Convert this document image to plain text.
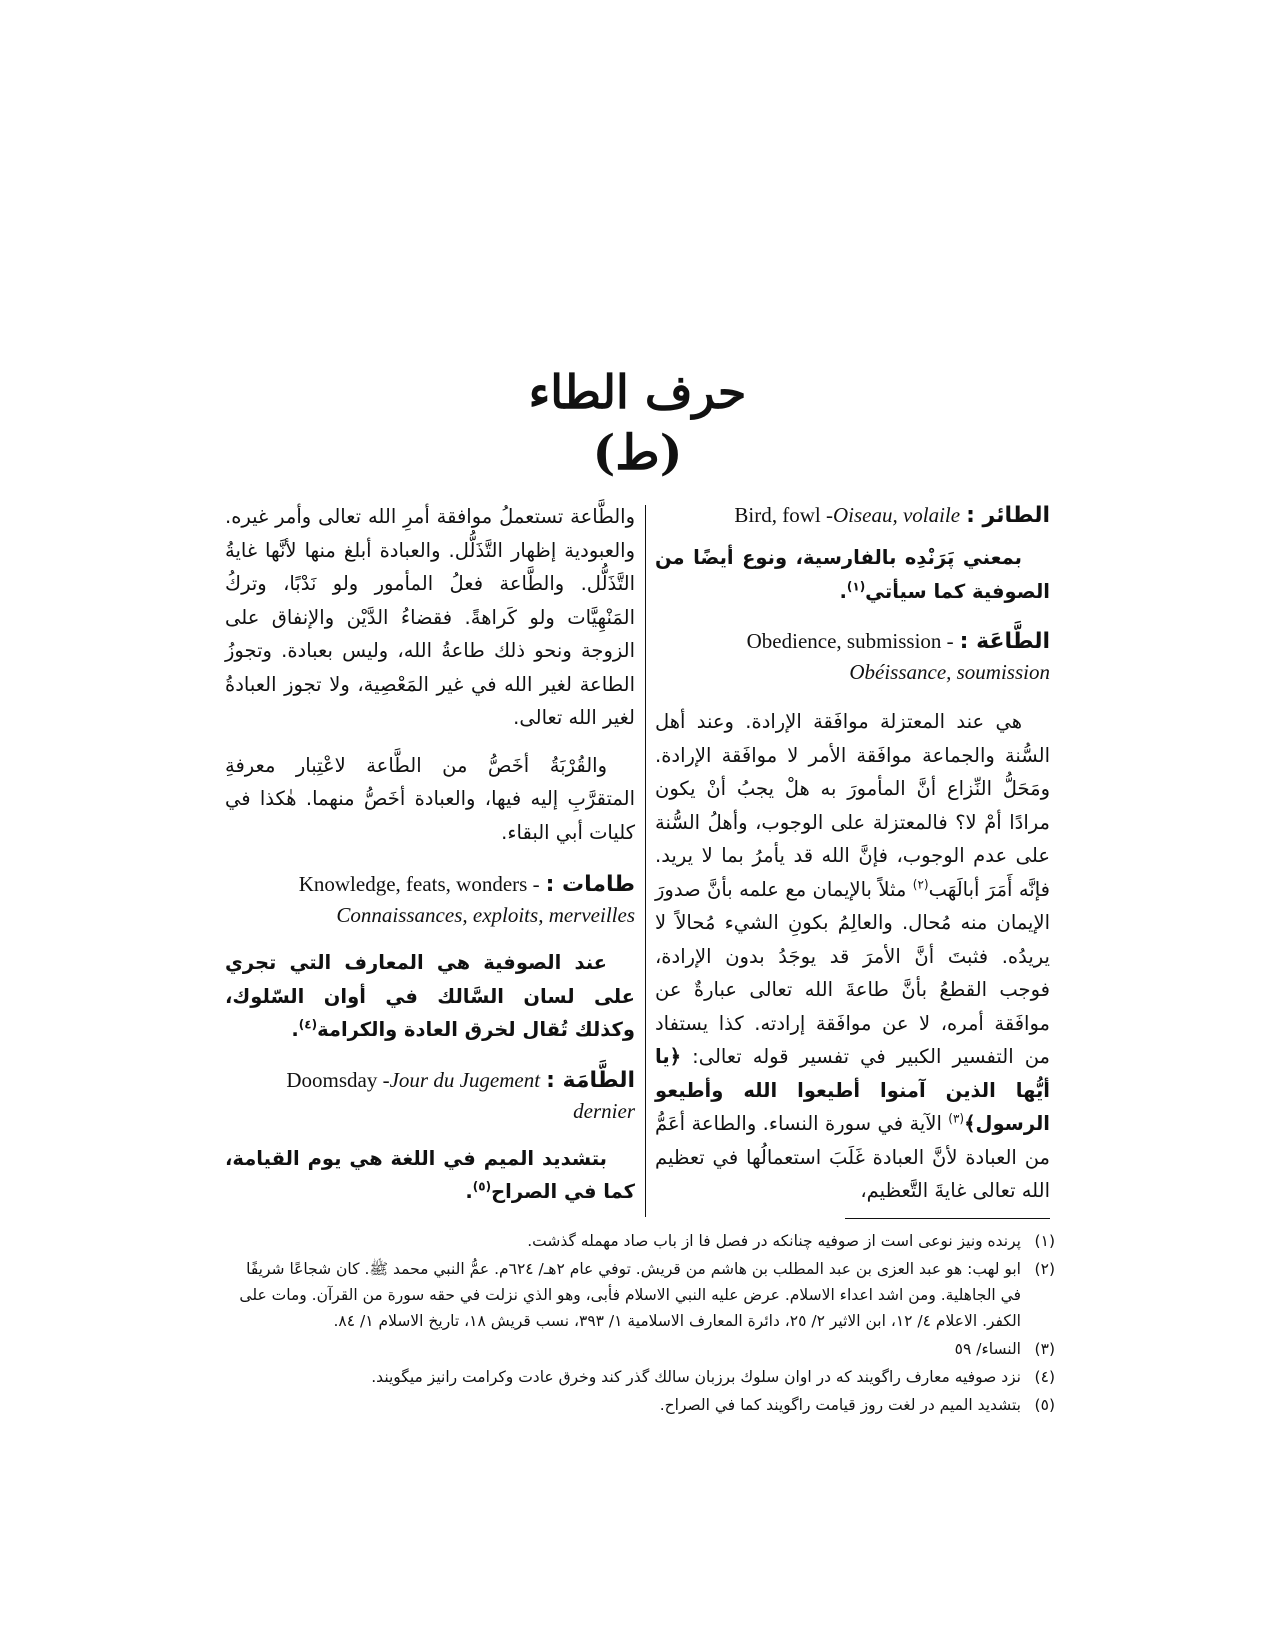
حرف الطاء
(ط)
Bird, fowl - Oiseau, volaile الطائر :
بمعني پَرَنْدِه بالفارسية، ونوع أيضًا من الصوفية كما سيأتي$^{(١)}$.
Obedience, submission - الطَّاعَة :
Obéissance, soumission
هي عند المعتزلة موافَقة الإرادة. وعند أهل السُّنة والجماعة موافَقة الأمر لا موافَقة الإرادة. ومَحَلُّ النِّزاع أنَّ المأمورَ به هلْ يجبُ أنْ يكون مرادًا أمْ لا؟ فالمعتزلة على الوجوب، وأهلُ السُّنة على عدم الوجوب، فإنَّ الله قد يأمرُ بما لا يريد. فإنَّه أَمَرَ أبالَهَب$^{(٢)}$ مثلاً بالإيمان مع علمه بأنَّ صدورَ الإيمان منه مُحال. والعالِمُ بكونِ الشيء مُحالاً لا يريدُه. فثبتَ أنَّ الأمرَ قد يوجَدُ بدون الإرادة، فوجب القطعُ بأنَّ طاعةَ الله تعالى عبارةٌ عن موافَقة أمره، لا عن موافَقة إرادته. كذا يستفاد من التفسير الكبير في تفسير قوله تعالى: ﴿يا أيُّها الذين آمنوا أطيعوا الله وأطيعو الرسول﴾$^{(٣)}$ الآية في سورة النساء. والطاعة أعَمُّ من العبادة لأنَّ العبادة غَلَبَ استعمالُها في تعظيم الله تعالى غايةَ التَّعظيم،
والطَّاعة تستعملُ موافقة أمرِ الله تعالى وأمر غيره. والعبودية إظهار التَّذَلُّل. والعبادة أبلغ منها لأنَّها غايةُ التَّذَلُّل. والطَّاعة فعلُ المأمور ولو نَدْبًا، وتركُ المَنْهِيَّات ولو كَراهةً. فقضاءُ الدَّيْن والإنفاق على الزوجة ونحو ذلك طاعةُ الله، وليس بعبادة. وتجوزُ الطاعة لغير الله في غير المَعْصِية، ولا تجوز العبادةُ لغير الله تعالى.
والقُرْبَةُ أخَصُّ من الطَّاعة لاعْتِبار معرفةِ المتقرَّبِ إليه فيها، والعبادة أخَصُّ منهما. هٰكذا في كليات أبي البقاء.
Knowledge, feats, wonders - طامات :
Connaissances, exploits, merveilles
عند الصوفية هي المعارف التي تجري على لسان السَّالك في أوان السّلوك، وكذلك تُقال لخرق العادة والكرامة$^{(٤)}$.
Doomsday - Jour du Jugement الطَّامَة :
dernier
بتشديد الميم في اللغة هي يوم القيامة، كما في الصراح$^{(٥)}$.
(١)
پرنده ونيز نوعى است از صوفيه چنانكه در فصل فا از باب صاد مهمله گذشت.
(٢)
ابو لهب: هو عبد العزى بن عبد المطلب بن هاشم من قريش. توفي عام ٢هـ/ ٦٢٤م. عمُّ النبي محمد ﷺ. كان شجاعًا شريفًا في الجاهلية. ومن اشد اعداء الاسلام. عرض عليه النبي الاسلام فأبى، وهو الذي نزلت في حقه سورة من القرآن. ومات على الكفر. الاعلام ٤/ ١٢، ابن الاثير ٢/ ٢٥، دائرة المعارف الاسلامية ١/ ٣٩٣، نسب قريش ١٨، تاريخ الاسلام ١/ ٨٤.
(٣)
النساء/ ٥٩
(٤)
نزد صوفيه معارف راگويند كه در اوان سلوك برزبان سالك گذر كند وخرق عادت وكرامت رانيز ميگويند.
(٥)
بتشديد الميم در لغت روز قيامت راگويند كما في الصراح.
